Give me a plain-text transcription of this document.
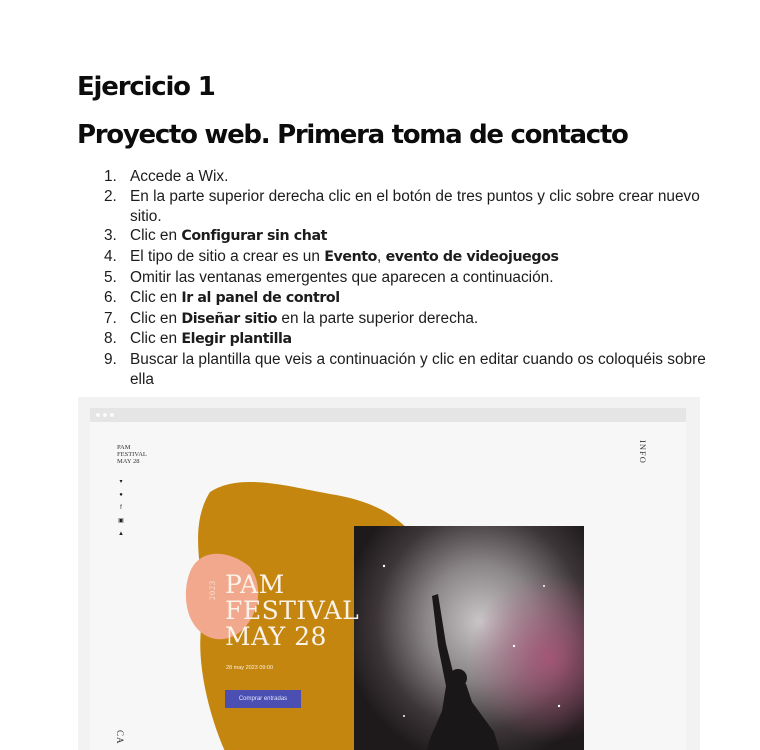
Ejercicio 1
Proyecto web. Primera toma de contacto
1. Accede a Wix.
2. En la parte superior derecha clic en el botón de tres puntos y clic sobre crear nuevo sitio.
3. Clic en Configurar sin chat
4. El tipo de sitio a crear es un Evento, evento de videojuegos
5. Omitir las ventanas emergentes que aparecen a continuación.
6. Clic en Ir al panel de control
7. Clic en Diseñar sitio en la parte superior derecha.
8. Clic en Elegir plantilla
9. Buscar la plantilla que veis a continuación y clic en editar cuando os coloquéis sobre ella
PAM
FESTIVAL
MAY 28
▾
●
f
▣
▲
INFO
CA
2023 PAM
FESTIVAL
MAY 28
28 may 2023 09:00
Comprar entradas
